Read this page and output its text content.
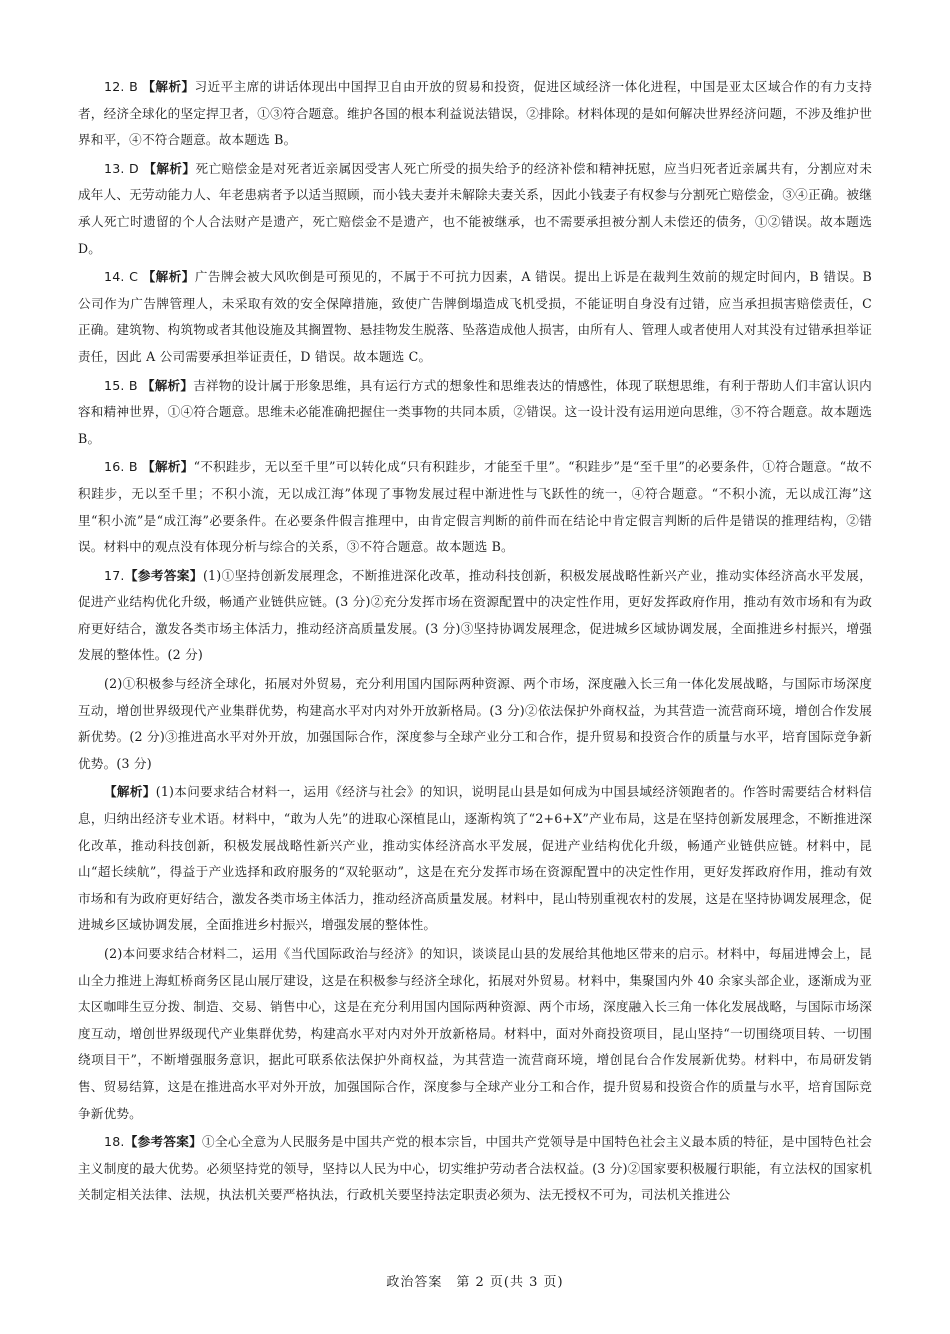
12. B 【解析】习近平主席的讲话体现出中国捍卫自由开放的贸易和投资，促进区域经济一体化进程，中国是亚太区域合作的有力支持者，经济全球化的坚定捍卫者，①③符合题意。维护各国的根本利益说法错误，②排除。材料体现的是如何解决世界经济问题，不涉及维护世界和平，④不符合题意。故本题选 B。

13. D 【解析】死亡赔偿金是对死者近亲属因受害人死亡所受的损失给予的经济补偿和精神抚慰，应当归死者近亲属共有，分割应对未成年人、无劳动能力人、年老患病者予以适当照顾，而小钱夫妻并未解除夫妻关系，因此小钱妻子有权参与分割死亡赔偿金，③④正确。被继承人死亡时遗留的个人合法财产是遗产，死亡赔偿金不是遗产，也不能被继承，也不需要承担被分割人未偿还的债务，①②错误。故本题选 D。

14. C 【解析】广告牌会被大风吹倒是可预见的，不属于不可抗力因素，A 错误。提出上诉是在裁判生效前的规定时间内，B 错误。B 公司作为广告牌管理人，未采取有效的安全保障措施，致使广告牌倒塌造成飞机受损，不能证明自身没有过错，应当承担损害赔偿责任，C 正确。建筑物、构筑物或者其他设施及其搁置物、悬挂物发生脱落、坠落造成他人损害，由所有人、管理人或者使用人对其没有过错承担举证责任，因此 A 公司需要承担举证责任，D 错误。故本题选 C。

15. B 【解析】吉祥物的设计属于形象思维，具有运行方式的想象性和思维表达的情感性，体现了联想思维，有利于帮助人们丰富认识内容和精神世界，①④符合题意。思维未必能准确把握住一类事物的共同本质，②错误。这一设计没有运用逆向思维，③不符合题意。故本题选 B。

16. B 【解析】“不积跬步，无以至千里”可以转化成“只有积跬步，才能至千里”。“积跬步”是“至千里”的必要条件，①符合题意。“故不积跬步，无以至千里；不积小流，无以成江海”体现了事物发展过程中渐进性与飞跃性的统一，④符合题意。“不积小流，无以成江海”这里“积小流”是“成江海”必要条件。在必要条件假言推理中，由肯定假言判断的前件而在结论中肯定假言判断的后件是错误的推理结构，②错误。材料中的观点没有体现分析与综合的关系，③不符合题意。故本题选 B。

17.【参考答案】(1)①坚持创新发展理念，不断推进深化改革，推动科技创新，积极发展战略性新兴产业，推动实体经济高水平发展，促进产业结构优化升级，畅通产业链供应链。(3 分)②充分发挥市场在资源配置中的决定性作用，更好发挥政府作用，推动有效市场和有为政府更好结合，激发各类市场主体活力，推动经济高质量发展。(3 分)③坚持协调发展理念，促进城乡区域协调发展，全面推进乡村振兴，增强发展的整体性。(2 分)

(2)①积极参与经济全球化，拓展对外贸易，充分利用国内国际两种资源、两个市场，深度融入长三角一体化发展战略，与国际市场深度互动，增创世界级现代产业集群优势，构建高水平对内对外开放新格局。(3 分)②依法保护外商权益，为其营造一流营商环境，增创合作发展新优势。(2 分)③推进高水平对外开放，加强国际合作，深度参与全球产业分工和合作，提升贸易和投资合作的质量与水平，培育国际竞争新优势。(3 分)

【解析】(1)本问要求结合材料一，运用《经济与社会》的知识，说明昆山县是如何成为中国县域经济领跑者的。作答时需要结合材料信息，归纳出经济专业术语。材料中，“敢为人先”的进取心深植昆山，逐渐构筑了“2+6+X”产业布局，这是在坚持创新发展理念，不断推进深化改革，推动科技创新，积极发展战略性新兴产业，推动实体经济高水平发展，促进产业结构优化升级，畅通产业链供应链。材料中，昆山“超长续航”，得益于产业选择和政府服务的“双轮驱动”，这是在充分发挥市场在资源配置中的决定性作用，更好发挥政府作用，推动有效市场和有为政府更好结合，激发各类市场主体活力，推动经济高质量发展。材料中，昆山特别重视农村的发展，这是在坚持协调发展理念，促进城乡区域协调发展，全面推进乡村振兴，增强发展的整体性。

(2)本问要求结合材料二，运用《当代国际政治与经济》的知识，谈谈昆山县的发展给其他地区带来的启示。材料中，每届进博会上，昆山全力推进上海虹桥商务区昆山展厅建设，这是在积极参与经济全球化，拓展对外贸易。材料中，集聚国内外 40 余家头部企业，逐渐成为亚太区咖啡生豆分拨、制造、交易、销售中心，这是在充分利用国内国际两种资源、两个市场，深度融入长三角一体化发展战略，与国际市场深度互动，增创世界级现代产业集群优势，构建高水平对内对外开放新格局。材料中，面对外商投资项目，昆山坚持“一切围绕项目转、一切围绕项目干”，不断增强服务意识，据此可联系依法保护外商权益，为其营造一流营商环境，增创昆台合作发展新优势。材料中，布局研发销售、贸易结算，这是在推进高水平对外开放，加强国际合作，深度参与全球产业分工和合作，提升贸易和投资合作的质量与水平，培育国际竞争新优势。

18.【参考答案】①全心全意为人民服务是中国共产党的根本宗旨，中国共产党领导是中国特色社会主义最本质的特征，是中国特色社会主义制度的最大优势。必须坚持党的领导，坚持以人民为中心，切实维护劳动者合法权益。(3 分)②国家要积极履行职能，有立法权的国家机关制定相关法律、法规，执法机关要严格执法，行政机关要坚持法定职责必须为、法无授权不可为，司法机关推进公

政治答案　第 2 页(共 3 页)
